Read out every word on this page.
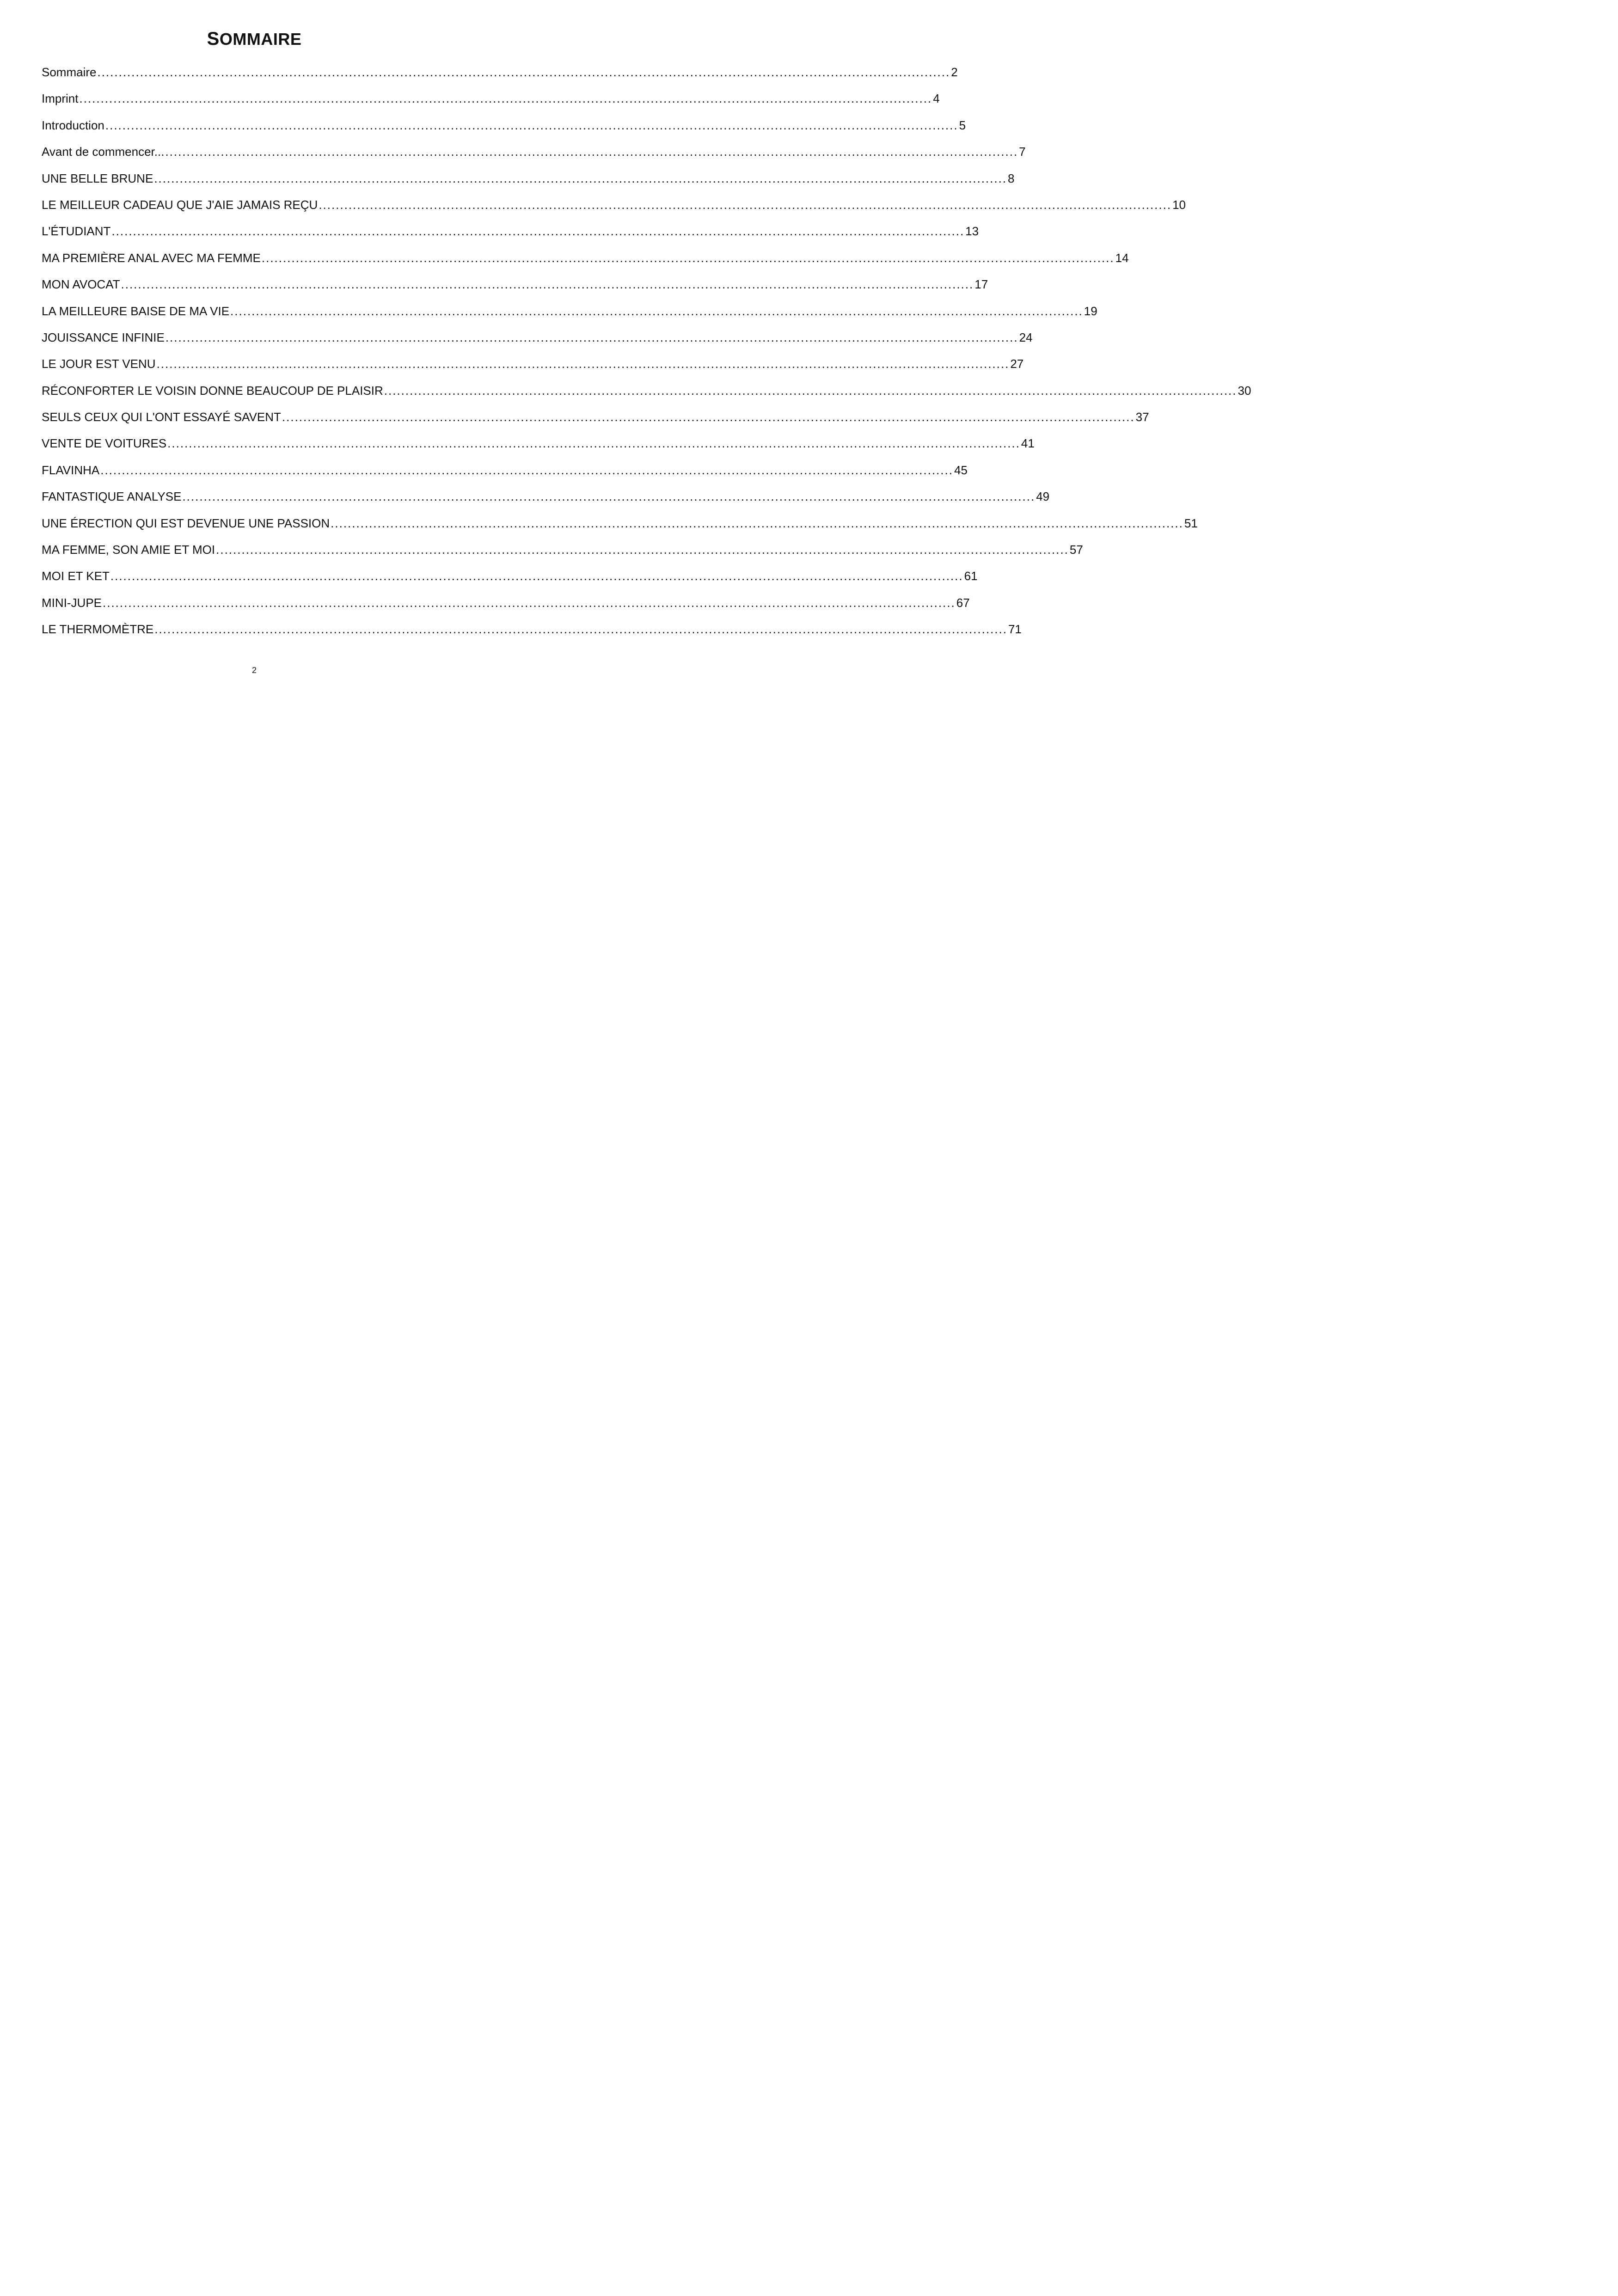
SOMMAIRE
Sommaire ........................................................................................................................................................................................................ 2
Imprint ........................................................................................................................................................................................................ 4
Introduction ........................................................................................................................................................................................................ 5
Avant de commencer... ........................................................................................................................................................................................................ 7
UNE BELLE BRUNE ........................................................................................................................................................................................................ 8
LE MEILLEUR CADEAU QUE J'AIE JAMAIS REÇU ........................................................................................................................................................................................................ 10
L'ÉTUDIANT ........................................................................................................................................................................................................ 13
MA PREMIÈRE ANAL AVEC MA FEMME ........................................................................................................................................................................................................ 14
MON AVOCAT ........................................................................................................................................................................................................ 17
LA MEILLEURE BAISE DE MA VIE ........................................................................................................................................................................................................ 19
JOUISSANCE INFINIE ........................................................................................................................................................................................................ 24
LE JOUR EST VENU ........................................................................................................................................................................................................ 27
RÉCONFORTER LE VOISIN DONNE BEAUCOUP DE PLAISIR ........................................................................................................................................................................................................ 30
SEULS CEUX QUI L'ONT ESSAYÉ SAVENT ........................................................................................................................................................................................................ 37
VENTE DE VOITURES ........................................................................................................................................................................................................ 41
FLAVINHA ........................................................................................................................................................................................................ 45
FANTASTIQUE ANALYSE ........................................................................................................................................................................................................ 49
UNE ÉRECTION QUI EST DEVENUE UNE PASSION ........................................................................................................................................................................................................ 51
MA FEMME, SON AMIE ET MOI ........................................................................................................................................................................................................ 57
MOI ET KET ........................................................................................................................................................................................................ 61
MINI-JUPE ........................................................................................................................................................................................................ 67
LE THERMOMÈTRE ........................................................................................................................................................................................................ 71
2
